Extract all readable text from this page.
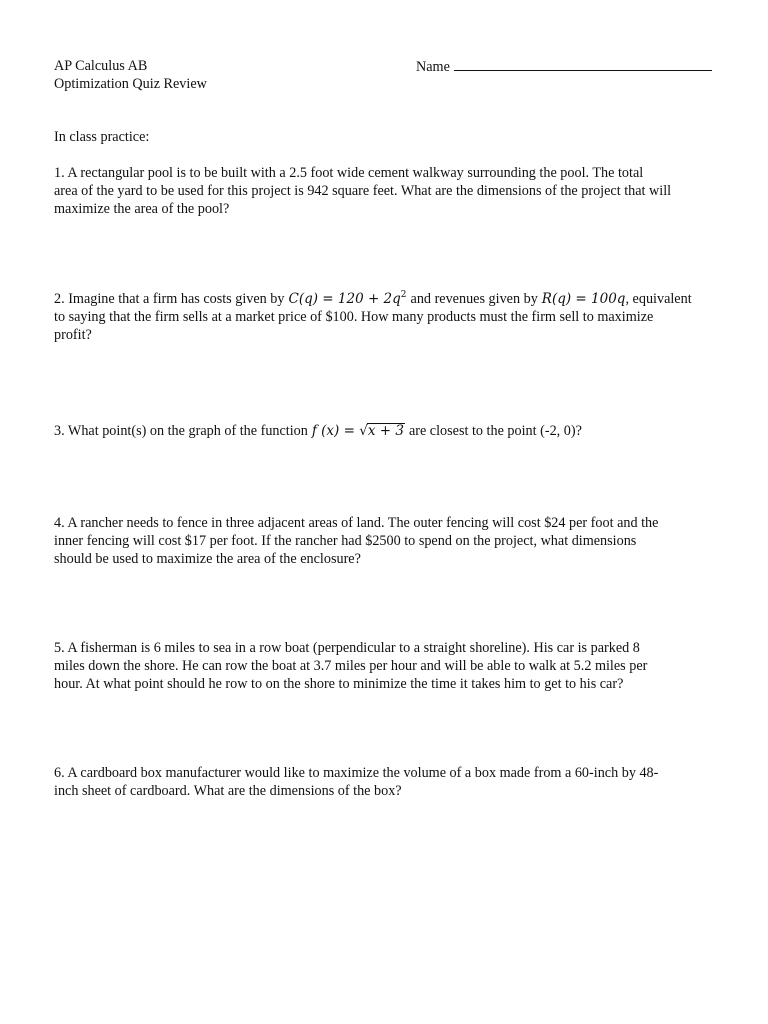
AP Calculus AB
Optimization Quiz Review
Name
In class practice:
1. A rectangular pool is to be built with a 2.5 foot wide cement walkway surrounding the pool. The total
area of the yard to be used for this project is 942 square feet. What are the dimensions of the project that will
maximize the area of the pool?
2. Imagine that a firm has costs given by $C(q) = 120 + 2q^2$ and revenues given by R(q) = 100q, equivalent
to saying that the firm sells at a market price of $100. How many products must the firm sell to maximize
profit?
3. What point(s) on the graph of the function f (x) = √x + 3 are closest to the point (-2, 0)?
4. A rancher needs to fence in three adjacent areas of land. The outer fencing will cost $24 per foot and the
inner fencing will cost $17 per foot. If the rancher had $2500 to spend on the project, what dimensions
should be used to maximize the area of the enclosure?
5. A fisherman is 6 miles to sea in a row boat (perpendicular to a straight shoreline). His car is parked 8
miles down the shore. He can row the boat at 3.7 miles per hour and will be able to walk at 5.2 miles per
hour. At what point should he row to on the shore to minimize the time it takes him to get to his car?
6. A cardboard box manufacturer would like to maximize the volume of a box made from a 60-inch by 48-
inch sheet of cardboard. What are the dimensions of the box?
